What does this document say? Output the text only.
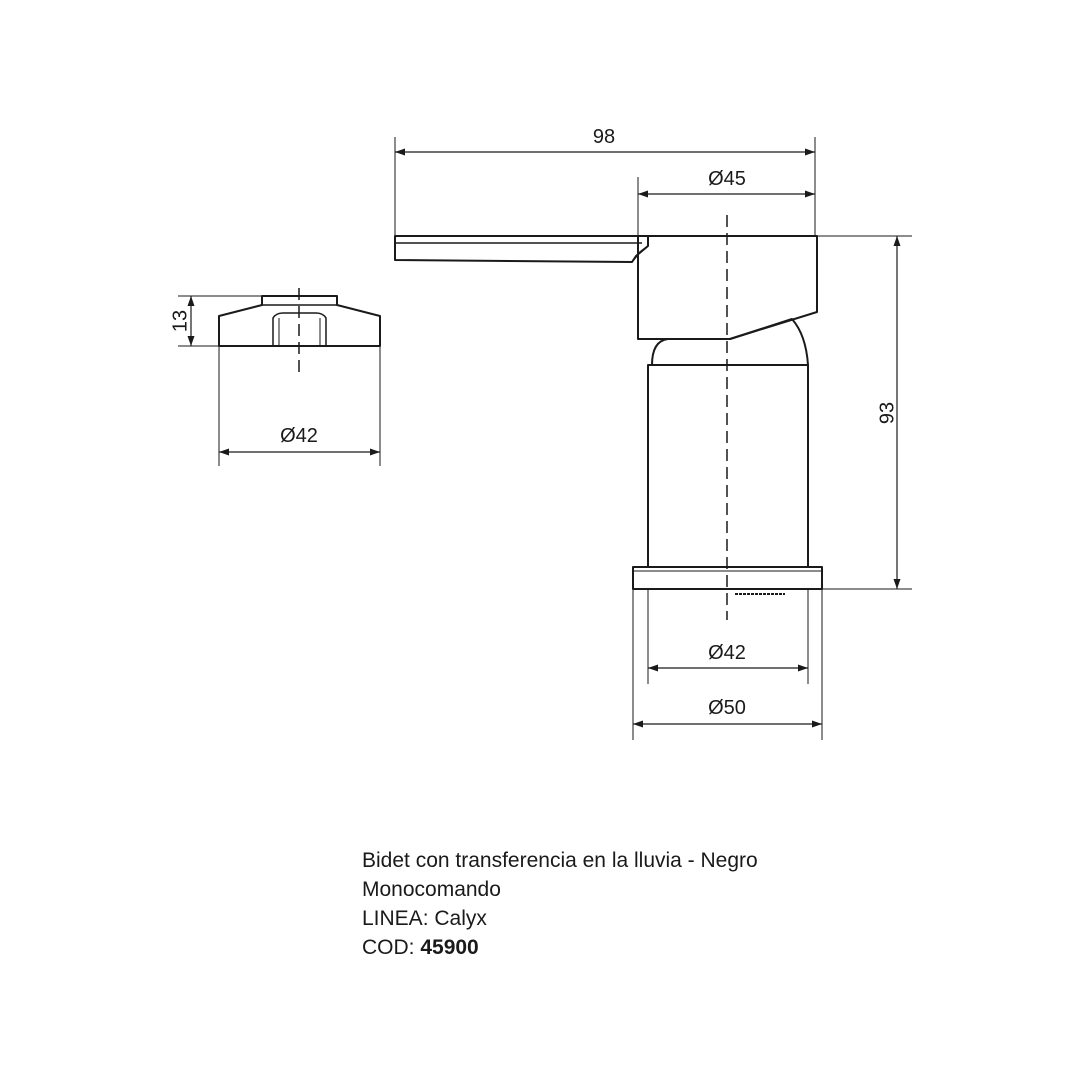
98
Ø45
93
Ø42
Ø50
13
Ø42
Bidet con transferencia en la lluvia - Negro
Monocomando
LINEA: Calyx
COD: 45900
